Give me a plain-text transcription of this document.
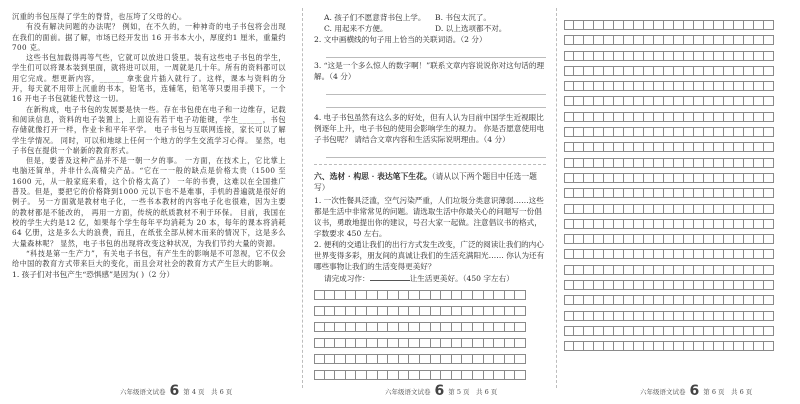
沉重的书包压得了学生的脊背，也压垮了父母的心。

有没有解决问题的办法呢？ 例如，在不久的，一种神奇的电子书包将会出现在我们的面前。据了解，市场已经开发出 16 开书本大小，厚度约1 厘米，重量约700 克。

这些书包加载得再等气些，它就可以放进口袋里。装有这些电子书包的学生，学生们可以将课本装到里面，就将进可以用，一周就是几十年。所有的资料都可以用它完成。想更新内容，______ 拿张盘片插入就行了。这样，课本与资料的分开，每天就不用带上沉重的书本，铅笔书，连辅笔，铅笔等只要用手摸下，一个 16 开电子书包就能代替这一切。

在新构成，电子书包的发展要是快一些。存在书包使在电子和一边维存，记载和阅读信息，资料的电子装置上，上面设有若干电子功能键，学生______，书包存储就像打开一样，作业卡和平年平学。 电子书包与互联网连接，家长可以了解学生学情况。 同时，可以和地球上任何一个地方的学生交流学习心得。 显然，电子书包在提供一个崭新的教育形式。

但是，要普及这种产品并不是一朝一夕的事。 一方面，在技术上，它比掌上电脑还简单，并非什么高精尖产品。“它在一一般的缺点是价格太贵（1500 至 1600 元，从一般家庭来看，这个价格太高了） 一年的书费，这难以在全国推广普及。但是，要把它的价格降到1000 元以下也不是难事，手机的普遍就是很好的例子。 另一方面就是教材电子化，一些书本教材的内容电子化也很难，因为主要的教材都是不能改的， 再用一方面，传统的纸质教材不利于环保。 目前，我国在校的学生大约是12 亿，如果每个学生每年平均消耗为 20 本，每年的课本将消耗 64 亿册，这是多么大的浪费，而且，在纸张全部从树木而来的情况下，这是多么大量森林呢？ 显然，电子书包的出现将改变这种状况，为我们节约大量的资源。

“科技是第一生产力”，有关电子书包，有产生生的影响是不可忽视，它不仅会给中国的教育方式带来巨大的变化，而且会对社会的教育方式产生巨大的影响。

1. 孩子们对书包产生“恐惧感”是因为( )（2 分）

六年级语文试卷 6 第 4 页　共 6 页
A. 孩子们不愿意背书包上学。	B. 书包太沉了。
C. 用起来不方便。	D. 以上选项都不对。

2. 文中画横线的句子用上恰当的关联词语。（2 分）

3. “这是一个多么惊人的数字啊！”联系文章内容说说你对这句话的理解。（4 分）

4. 电子书包虽然有这么多的好处，但有人认为目前中国学生近视眼比例逐年上升，电子书包的使用会影响学生的视力。 你是否愿意使用电子书包呢？ 请结合文章内容和生活实际说明理由。（4 分）

六、选材 · 构思 · 表达笔下生花。（请从以下两个题目中任选一题写）

1. 一次性餐具泛滥，空气污染严重，人们垃圾分类意识薄弱……这些都是生活中非常常见的问题。请选取生活中你最关心的问题写一份倡议书，勇敢地提出你的建议，号召大家一起做。注意倡议书的格式，字数要求 450 左右。

2. 便利的交通让我们的出行方式发生改变，广泛的阅读让我们的内心世界变得多彩，朋友间的真诚让我们的生活充满阳光…… 你认为还有哪些事物让我们的生活变得更美好？

请完成习作：	让生活更美好。（450 字左右）

六年级语文试卷 6 第 5 页　共 6 页	六年级语文试卷 6 第 6 页　共 6 页
